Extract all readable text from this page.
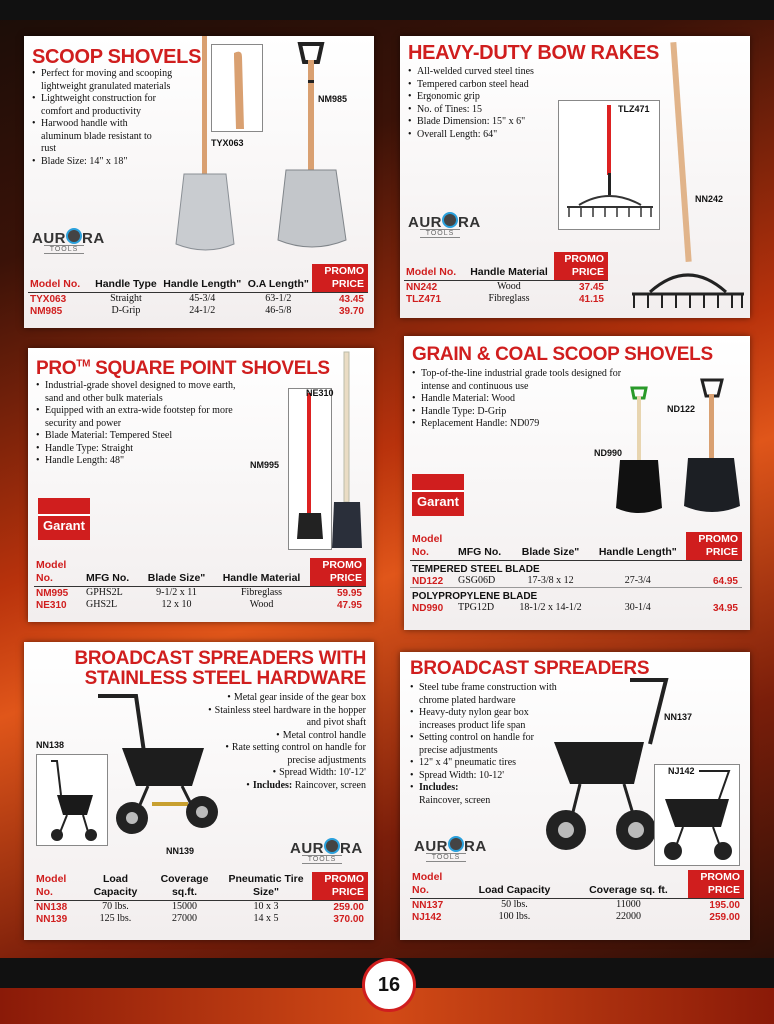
SCOOP SHOVELS
• Perfect for moving and scooping lightweight granulated materials
• Lightweight construction for comfort and productivity
• Harwood handle with aluminum blade resistant to rust
• Blade Size: 14" x 18"
TYX063
NM985
AUR RA
TOOLS
Model No.	Handle Type	Handle Length"	O.A Length"	PROMO PRICE
TYX063	Straight	45-3/4	63-1/2	43.45
NM985	D-Grip	24-1/2	46-5/8	39.70
HEAVY-DUTY BOW RAKES
• All-welded curved steel tines
• Tempered carbon steel head
• Ergonomic grip
• No. of Tines: 15
• Blade Dimension: 15" x 6"
• Overall Length: 64"
TLZ471
NN242
AUR RA
TOOLS
Model No.	Handle Material	PROMO PRICE
NN242	Wood	37.45
TLZ471	Fibreglass	41.15
PRO™ SQUARE POINT SHOVELS
• Industrial-grade shovel designed to move earth, sand and other bulk materials
• Equipped with an extra-wide footstep for more security and power
• Blade Material: Tempered Steel
• Handle Type: Straight
• Handle Length: 48"
NE310
NM995
Garant
Model No.	MFG No.	Blade Size"	Handle Material	PROMO PRICE
NM995	GPHS2L	9-1/2 x 11	Fibreglass	59.95
NE310	GHS2L	12 x 10	Wood	47.95
GRAIN & COAL SCOOP SHOVELS
• Top-of-the-line industrial grade tools designed for intense and continuous use
• Handle Material: Wood
• Handle Type: D-Grip
• Replacement Handle: ND079
ND122
ND990
Garant
Model No.	MFG No.	Blade Size"	Handle Length"	PROMO PRICE
TEMPERED STEEL BLADE				
ND122	GSG06D	17-3/8 x 12	27-3/4	64.95
POLYPROPYLENE BLADE				
ND990	TPG12D	18-1/2 x 14-1/2	30-1/4	34.95
BROADCAST SPREADERS WITH
STAINLESS STEEL HARDWARE
• Metal gear inside of the gear box
• Stainless steel hardware in the hopper and pivot shaft
• Metal control handle
• Rate setting control on handle for precise adjustments
• Spread Width: 10'-12'
• Includes: Raincover, screen
NN138
NN139	AUR RA
TOOLS
Model No.	Load Capacity	Coverage sq.ft.	Pneumatic Tire Size"	PROMO PRICE
NN138	70 lbs.	15000	10 x 3	259.00
NN139	125 lbs.	27000	14 x 5	370.00
BROADCAST SPREADERS
• Steel tube frame construction with chrome plated hardware
• Heavy-duty nylon gear box increases product life span
• Setting control on handle for precise adjustments
• 12" x 4" pneumatic tires
• Spread Width: 10-12'
• Includes:
Raincover, screen
NN137
NJ142
AUR RA
TOOLS
Model No.	Load Capacity	Coverage sq. ft.	PROMO PRICE
NN137	50 lbs.	11000	195.00
NJ142	100 lbs.	22000	259.00
16
